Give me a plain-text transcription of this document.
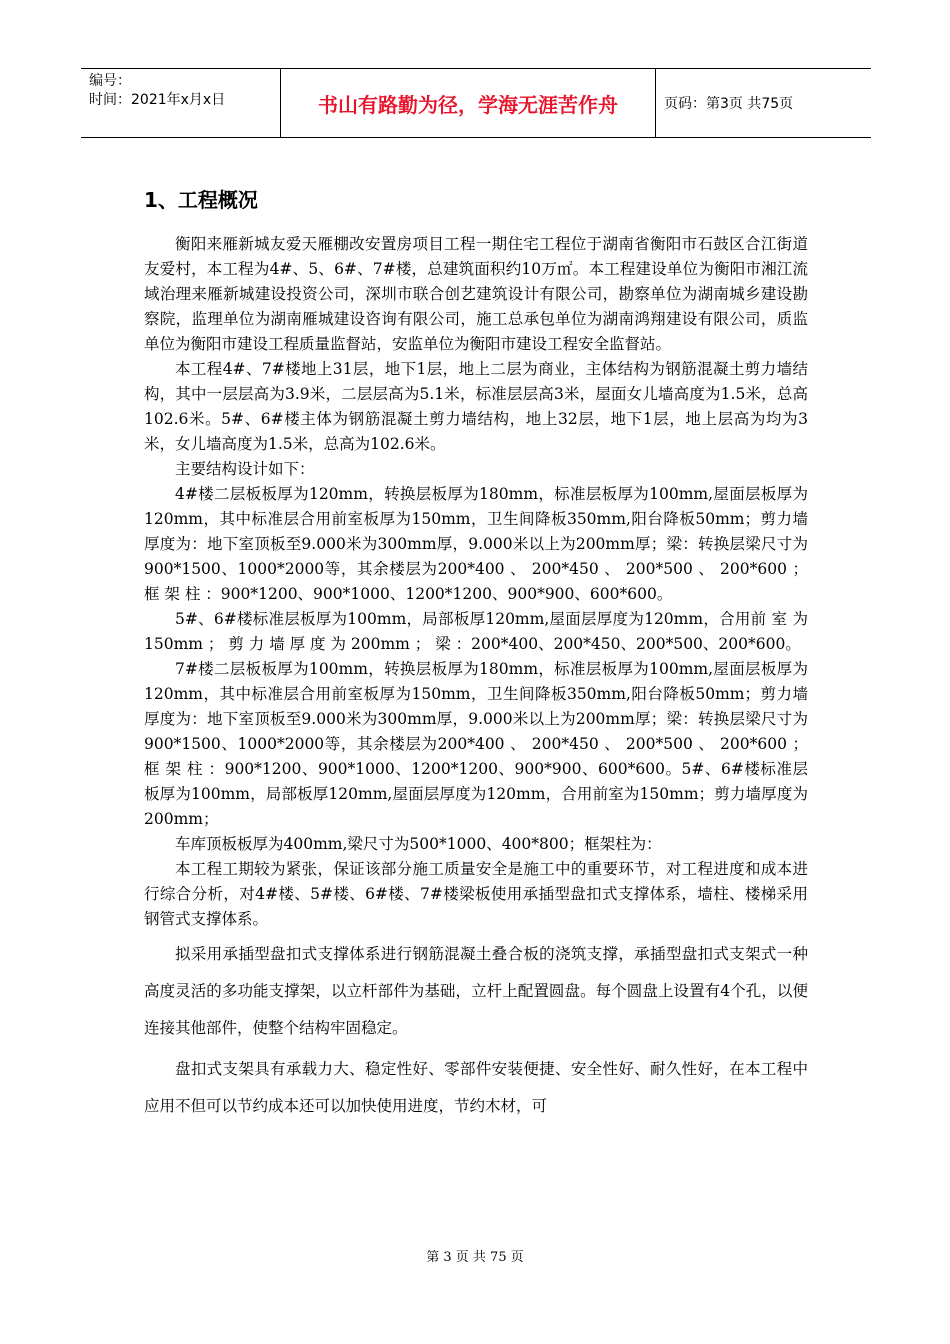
编号：
时间：2021年x月x日	书山有路勤为径，学海无涯苦作舟	页码：第3页 共75页
1、工程概况

衡阳来雁新城友爱天雁棚改安置房项目工程一期住宅工程位于湖南省衡阳市石鼓区合江街道友爱村，本工程为4#、5、6#、7#楼，总建筑面积约10万㎡。本工程建设单位为衡阳市湘江流域治理来雁新城建设投资公司，深圳市联合创艺建筑设计有限公司，勘察单位为湖南城乡建设勘察院，监理单位为湖南雁城建设咨询有限公司，施工总承包单位为湖南鸿翔建设有限公司，质监单位为衡阳市建设工程质量监督站，安监单位为衡阳市建设工程安全监督站。

本工程4#、7#楼地上31层，地下1层，地上二层为商业，主体结构为钢筋混凝土剪力墙结构，其中一层层高为3.9米，二层层高为5.1米，标准层层高3米，屋面女儿墙高度为1.5米，总高102.6米。5#、6#楼主体为钢筋混凝土剪力墙结构，地上32层，地下1层，地上层高为均为3米，女儿墙高度为1.5米，总高为102.6米。

主要结构设计如下：

4#楼二层板板厚为120mm，转换层板厚为180mm，标准层板厚为100mm,屋面层板厚为120mm，其中标准层合用前室板厚为150mm，卫生间降板350mm,阳台降板50mm；剪力墙厚度为：地下室顶板至9.000米为300mm厚，9.000米以上为200mm厚；梁：转换层梁尺寸为900*1500、1000*2000等，其余楼层为200*400 、 200*450 、 200*500 、 200*600 ； 框 架 柱 ：900*1200、900*1000、1200*1200、900*900、600*600。

5#、6#楼标准层板厚为100mm，局部板厚120mm,屋面层厚度为120mm，合用前 室 为 150mm ； 剪 力 墙 厚 度 为 200mm ； 梁 ：200*400、200*450、200*500、200*600。

7#楼二层板板厚为100mm，转换层板厚为180mm，标准层板厚为100mm,屋面层板厚为120mm，其中标准层合用前室板厚为150mm，卫生间降板350mm,阳台降板50mm；剪力墙厚度为：地下室顶板至9.000米为300mm厚，9.000米以上为200mm厚；梁：转换层梁尺寸为900*1500、1000*2000等，其余楼层为200*400 、 200*450 、 200*500 、 200*600 ； 框 架 柱 ：900*1200、900*1000、1200*1200、900*900、600*600。5#、6#楼标准层板厚为100mm，局部板厚120mm,屋面层厚度为120mm，合用前室为150mm；剪力墙厚度为200mm；

车库顶板板厚为400mm,梁尺寸为500*1000、400*800；框架柱为：

本工程工期较为紧张，保证该部分施工质量安全是施工中的重要环节，对工程进度和成本进行综合分析，对4#楼、5#楼、6#楼、7#楼梁板使用承插型盘扣式支撑体系，墙柱、楼梯采用钢管式支撑体系。

拟采用承插型盘扣式支撑体系进行钢筋混凝土叠合板的浇筑支撑，承插型盘扣式支架式一种高度灵活的多功能支撑架，以立杆部件为基础，立杆上配置圆盘。每个圆盘上设置有4个孔，以便连接其他部件，使整个结构牢固稳定。

盘扣式支架具有承载力大、稳定性好、零部件安装便捷、安全性好、耐久性好，在本工程中应用不但可以节约成本还可以加快使用进度，节约木材，可

第 3 页 共 75 页
